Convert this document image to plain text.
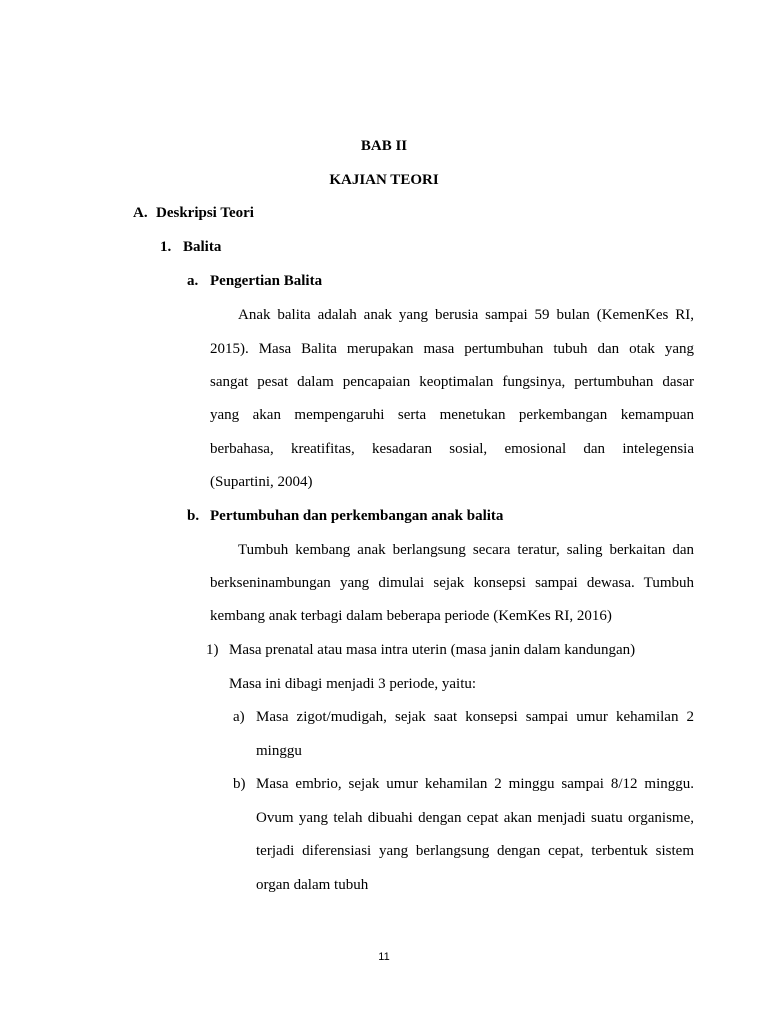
BAB II
KAJIAN TEORI
A. Deskripsi Teori
1. Balita
a. Pengertian Balita
Anak balita adalah anak yang berusia sampai 59 bulan (KemenKes RI,
2015). Masa Balita merupakan masa pertumbuhan tubuh dan otak yang
sangat pesat dalam pencapaian keoptimalan fungsinya, pertumbuhan dasar
yang akan mempengaruhi serta menetukan perkembangan kemampuan
berbahasa, kreatifitas, kesadaran sosial, emosional dan intelegensia
(Supartini, 2004)
b. Pertumbuhan dan perkembangan anak balita
Tumbuh kembang anak berlangsung secara teratur, saling berkaitan dan
berkseninambungan yang dimulai sejak konsepsi sampai dewasa. Tumbuh
kembang anak terbagi dalam beberapa periode (KemKes RI, 2016)
1) Masa prenatal atau masa intra uterin (masa janin dalam kandungan)
Masa ini dibagi menjadi 3 periode, yaitu:
a) Masa zigot/mudigah, sejak saat konsepsi sampai umur kehamilan 2
minggu
b) Masa embrio, sejak umur kehamilan 2 minggu sampai 8/12 minggu.
Ovum yang telah dibuahi dengan cepat akan menjadi suatu organisme,
terjadi diferensiasi yang berlangsung dengan cepat, terbentuk sistem
organ dalam tubuh
11
